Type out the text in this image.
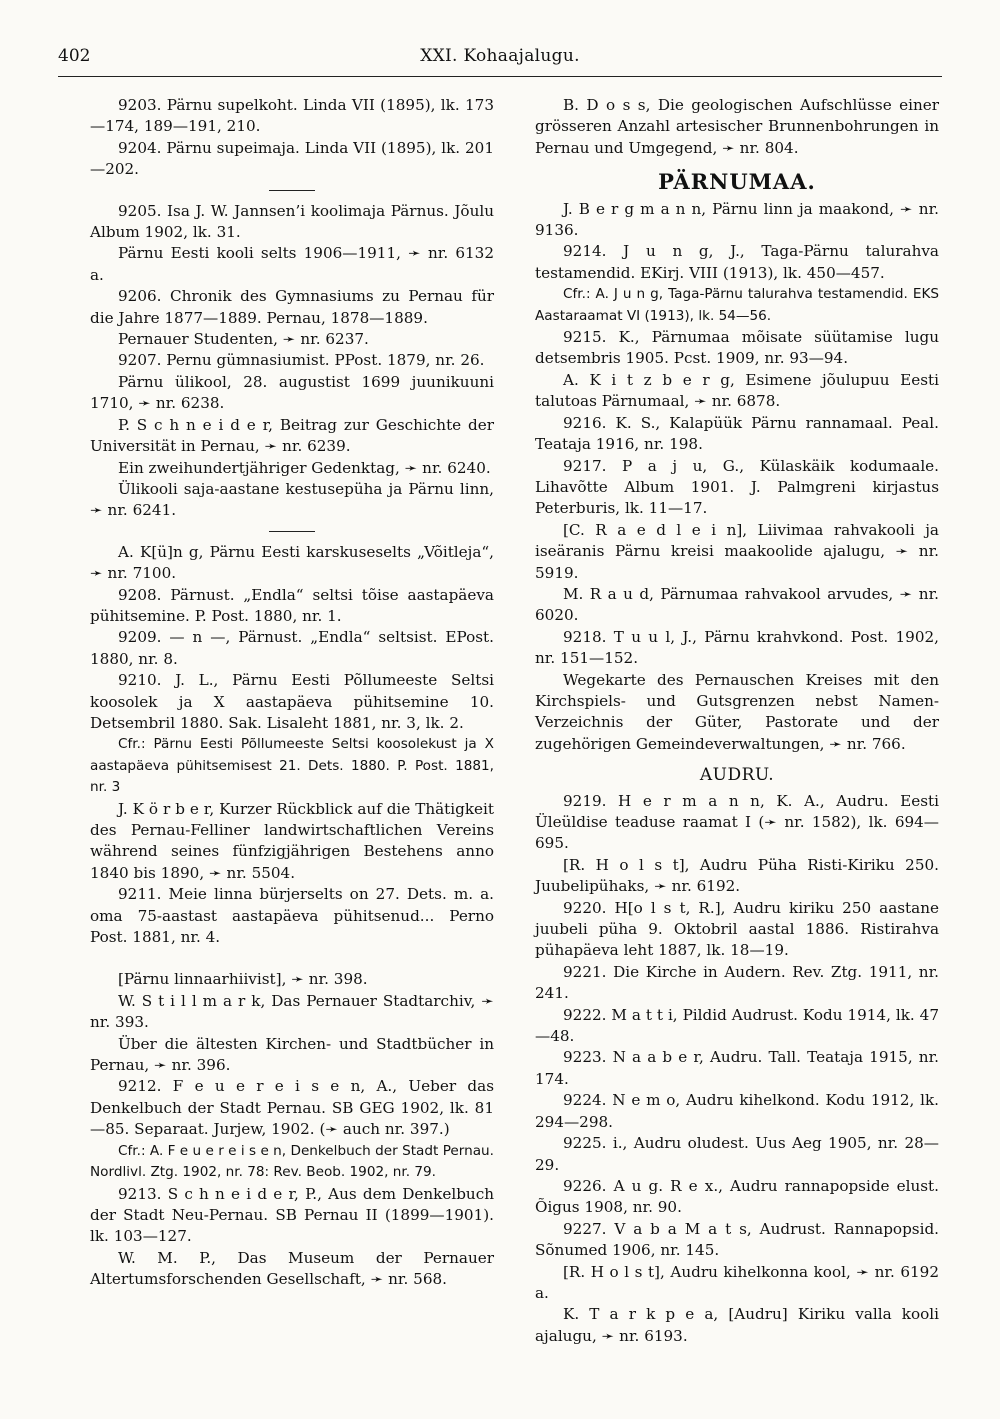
402	XXI. Kohaajalugu.
9203. Pärnu supelkoht. Linda VII (1895), lk. 173—174, 189—191, 210.
9204. Pärnu supeimaja. Linda VII (1895), lk. 201—202.
9205. Isa J. W. Jannsen’i koolimaja Pärnus. Jõulu Album 1902, lk. 31.
Pärnu Eesti kooli selts 1906—1911, ➛ nr. 6132 a.
9206. Chronik des Gymnasiums zu Pernau für die Jahre 1877—1889. Pernau, 1878—1889.
Pernauer Studenten, ➛ nr. 6237.
9207. Pernu gümnasiumist. PPost. 1879, nr. 26.
Pärnu ülikool, 28. augustist 1699 juunikuuni 1710, ➛ nr. 6238.
P. S c h n e i d e r, Beitrag zur Geschichte der Universität in Pernau, ➛ nr. 6239.
Ein zweihundertjähriger Gedenktag, ➛ nr. 6240.
Ülikooli saja-aastane kestusepüha ja Pärnu linn, ➛ nr. 6241.
A. K[ü]n g, Pärnu Eesti karskuseselts „Võitleja“, ➛ nr. 7100.
9208. Pärnust. „Endla“ seltsi tõise aastapäeva pühitsemine. P. Post. 1880, nr. 1.
9209. — n —, Pärnust. „Endla“ seltsist. EPost. 1880, nr. 8.
9210. J. L., Pärnu Eesti Põllumeeste Seltsi koosolek ja X aastapäeva pühitsemine 10. Detsembril 1880. Sak. Lisaleht 1881, nr. 3, lk. 2.
Cfr.: Pärnu Eesti Põllumeeste Seltsi koosolekust ja X aastapäeva pühitsemisest 21. Dets. 1880. P. Post. 1881, nr. 3
J. K ö r b e r, Kurzer Rückblick auf die Thätigkeit des Pernau-Felliner landwirtschaftlichen Vereins während seines fünfzigjährigen Bestehens anno 1840 bis 1890, ➛ nr. 5504.
9211. Meie linna bürjerselts on 27. Dets. m. a. oma 75-aastast aastapäeva pühitsenud... Perno Post. 1881, nr. 4.
[Pärnu linnaarhiivist], ➛ nr. 398.
W. S t i l l m a r k, Das Pernauer Stadtarchiv, ➛ nr. 393.
Über die ältesten Kirchen- und Stadtbücher in Pernau, ➛ nr. 396.
9212. F e u e r e i s e n, A., Ueber das Denkelbuch der Stadt Pernau. SB GEG 1902, lk. 81—85. Separaat. Jurjew, 1902. (➛ auch nr. 397.)
Cfr.: A. F e u e r e i s e n, Denkelbuch der Stadt Pernau. Nordlivl. Ztg. 1902, nr. 78: Rev. Beob. 1902, nr. 79.
9213. S c h n e i d e r, P., Aus dem Denkelbuch der Stadt Neu-Pernau. SB Pernau II (1899—1901). lk. 103—127.
W. M. P., Das Museum der Pernauer Altertumsforschenden Gesellschaft, ➛ nr. 568.
B. D o s s, Die geologischen Aufschlüsse einer grösseren Anzahl artesischer Brunnenbohrungen in Pernau und Umgegend, ➛ nr. 804.
PÄRNUMAA.
J. B e r g m a n n, Pärnu linn ja maakond, ➛ nr. 9136.
9214. J u n g, J., Taga-Pärnu talurahva testamendid. EKirj. VIII (1913), lk. 450—457.
Cfr.: A. J u n g, Taga-Pärnu talurahva testamendid. EKS Aastaraamat VI (1913), lk. 54—56.
9215. K., Pärnumaa mõisate süütamise lugu detsembris 1905. Pcst. 1909, nr. 93—94.
A. K i t z b e r g, Esimene jõulupuu Eesti talutoas Pärnumaal, ➛ nr. 6878.
9216. K. S., Kalapüük Pärnu rannamaal. Peal. Teataja 1916, nr. 198.
9217. P a j u, G., Külaskäik kodumaale. Lihavõtte Album 1901. J. Palmgreni kirjastus Peterburis, lk. 11—17.
[C. R a e d l e i n], Liivimaa rahvakooli ja iseäranis Pärnu kreisi maakoolide ajalugu, ➛ nr. 5919.
M. R a u d, Pärnumaa rahvakool arvudes, ➛ nr. 6020.
9218. T u u l, J., Pärnu krahvkond. Post. 1902, nr. 151—152.
Wegekarte des Pernauschen Kreises mit den Kirchspiels- und Gutsgrenzen nebst Namen-Verzeichnis der Güter, Pastorate und der zugehörigen Gemeindeverwaltungen, ➛ nr. 766.
AUDRU.
9219. H e r m a n n, K. A., Audru. Eesti Üleüldise teaduse raamat I (➛ nr. 1582), lk. 694—695.
[R. H o l s t], Audru Püha Risti-Kiriku 250. Juubelipühaks, ➛ nr. 6192.
9220. H[o l s t, R.], Audru kiriku 250 aastane juubeli püha 9. Oktobril aastal 1886. Ristirahva pühapäeva leht 1887, lk. 18—19.
9221. Die Kirche in Audern. Rev. Ztg. 1911, nr. 241.
9222. M a t t i, Pildid Audrust. Kodu 1914, lk. 47—48.
9223. N a a b e r, Audru. Tall. Teataja 1915, nr. 174.
9224. N e m o, Audru kihelkond. Kodu 1912, lk. 294—298.
9225. i., Audru oludest. Uus Aeg 1905, nr. 28—29.
9226. A u g. R e x., Audru rannapopside elust. Õigus 1908, nr. 90.
9227. V a b a M a t s, Audrust. Rannapopsid. Sõnumed 1906, nr. 145.
[R. H o l s t], Audru kihelkonna kool, ➛ nr. 6192 a.
K. T a r k p e a, [Audru] Kiriku valla kooli ajalugu, ➛ nr. 6193.
